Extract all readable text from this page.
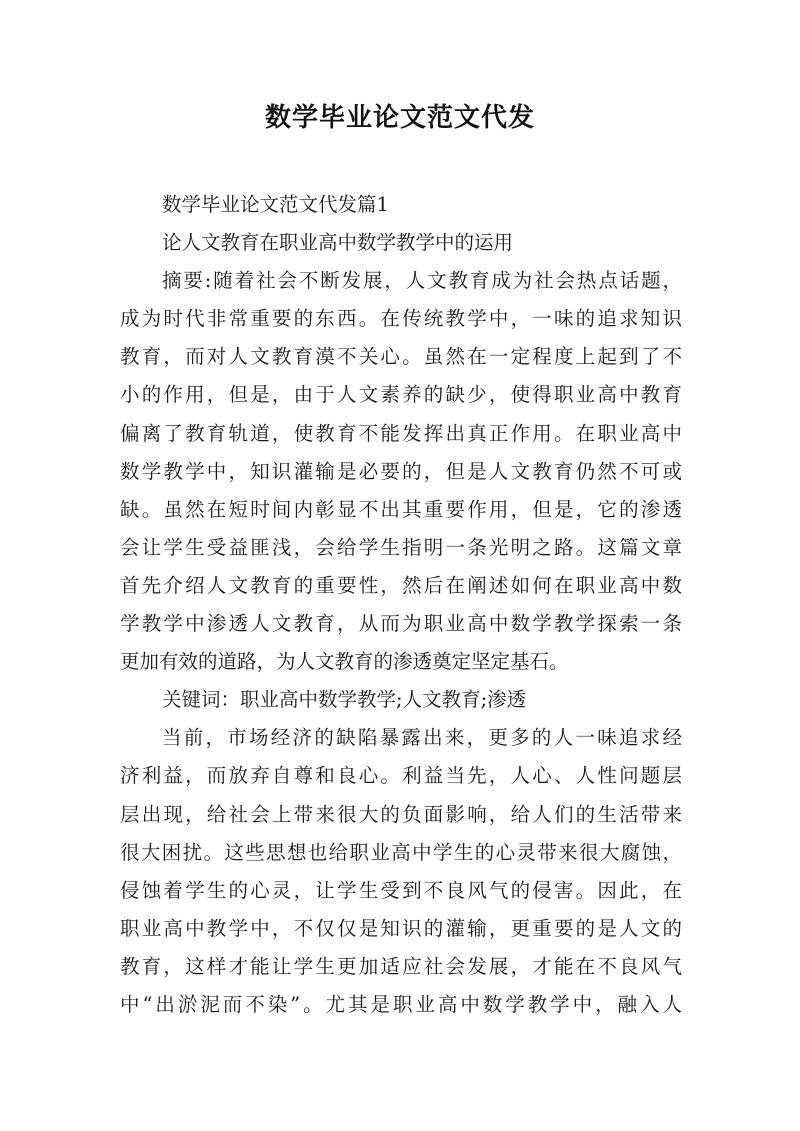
数学毕业论文范文代发
数学毕业论文范文代发篇1
论人文教育在职业高中数学教学中的运用
摘要:随着社会不断发展，人文教育成为社会热点话题，
成为时代非常重要的东西。在传统教学中，一味的追求知识
教育，而对人文教育漠不关心。虽然在一定程度上起到了不
小的作用，但是，由于人文素养的缺少，使得职业高中教育
偏离了教育轨道，使教育不能发挥出真正作用。在职业高中
数学教学中，知识灌输是必要的，但是人文教育仍然不可或
缺。虽然在短时间内彰显不出其重要作用，但是，它的渗透
会让学生受益匪浅，会给学生指明一条光明之路。这篇文章
首先介绍人文教育的重要性，然后在阐述如何在职业高中数
学教学中渗透人文教育，从而为职业高中数学教学探索一条
更加有效的道路，为人文教育的渗透奠定坚定基石。
关键词：职业高中数学教学;人文教育;渗透
当前，市场经济的缺陷暴露出来，更多的人一味追求经
济利益，而放弃自尊和良心。利益当先，人心、人性问题层
层出现，给社会上带来很大的负面影响，给人们的生活带来
很大困扰。这些思想也给职业高中学生的心灵带来很大腐蚀，
侵蚀着学生的心灵，让学生受到不良风气的侵害。因此，在
职业高中教学中，不仅仅是知识的灌输，更重要的是人文的
教育，这样才能让学生更加适应社会发展，才能在不良风气
中“出淤泥而不染”。尤其是职业高中数学教学中，融入人
